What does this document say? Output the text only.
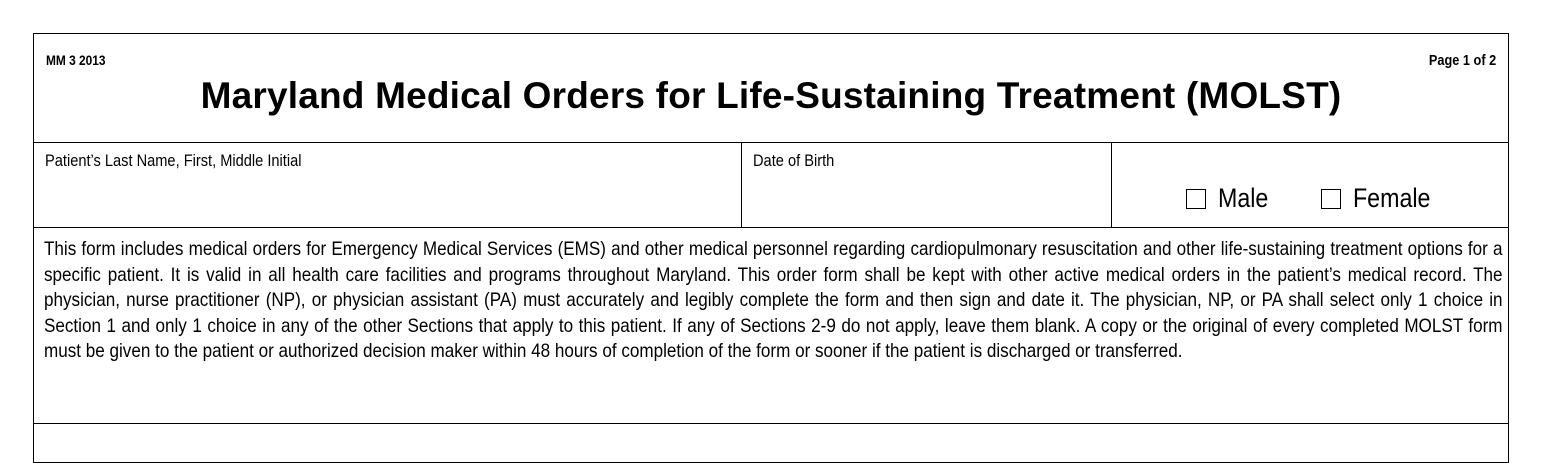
MM 3 2013	Page 1 of 2
Maryland Medical Orders for Life-Sustaining Treatment (MOLST)
Patient’s Last Name, First, Middle Initial	Date of Birth
Male	Female
This form includes medical orders for Emergency Medical Services (EMS) and other medical personnel regarding cardiopulmonary resuscitation and other life-sustaining treatment options for a specific patient. It is valid in all health care facilities and programs throughout Maryland. This order form shall be kept with other active medical orders in the patient’s medical record. The physician, nurse practitioner (NP), or physician assistant (PA) must accurately and legibly complete the form and then sign and date it. The physician, NP, or PA shall select only 1 choice in Section 1 and only 1 choice in any of the other Sections that apply to this patient. If any of Sections 2-9 do not apply, leave them blank. A copy or the original of every completed MOLST form must be given to the patient or authorized decision maker within 48 hours of completion of the form or sooner if the patient is discharged or transferred.
